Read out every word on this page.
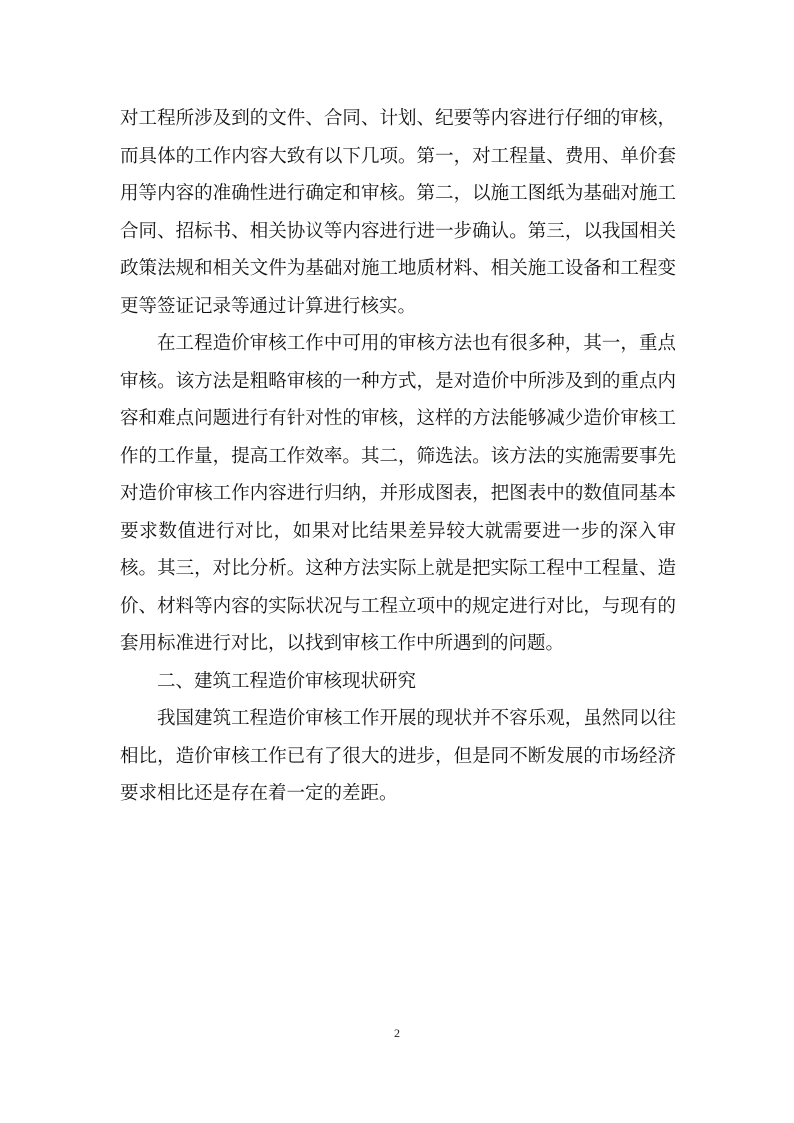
对工程所涉及到的文件、合同、计划、纪要等内容进行仔细的审核，而具体的工作内容大致有以下几项。第一，对工程量、费用、单价套用等内容的准确性进行确定和审核。第二，以施工图纸为基础对施工合同、招标书、相关协议等内容进行进一步确认。第三，以我国相关政策法规和相关文件为基础对施工地质材料、相关施工设备和工程变更等签证记录等通过计算进行核实。

在工程造价审核工作中可用的审核方法也有很多种，其一，重点审核。该方法是粗略审核的一种方式，是对造价中所涉及到的重点内容和难点问题进行有针对性的审核，这样的方法能够减少造价审核工作的工作量，提高工作效率。其二，筛选法。该方法的实施需要事先对造价审核工作内容进行归纳，并形成图表，把图表中的数值同基本要求数值进行对比，如果对比结果差异较大就需要进一步的深入审核。其三，对比分析。这种方法实际上就是把实际工程中工程量、造价、材料等内容的实际状况与工程立项中的规定进行对比，与现有的套用标准进行对比，以找到审核工作中所遇到的问题。

二、建筑工程造价审核现状研究

我国建筑工程造价审核工作开展的现状并不容乐观，虽然同以往相比，造价审核工作已有了很大的进步，但是同不断发展的市场经济要求相比还是存在着一定的差距。

2
